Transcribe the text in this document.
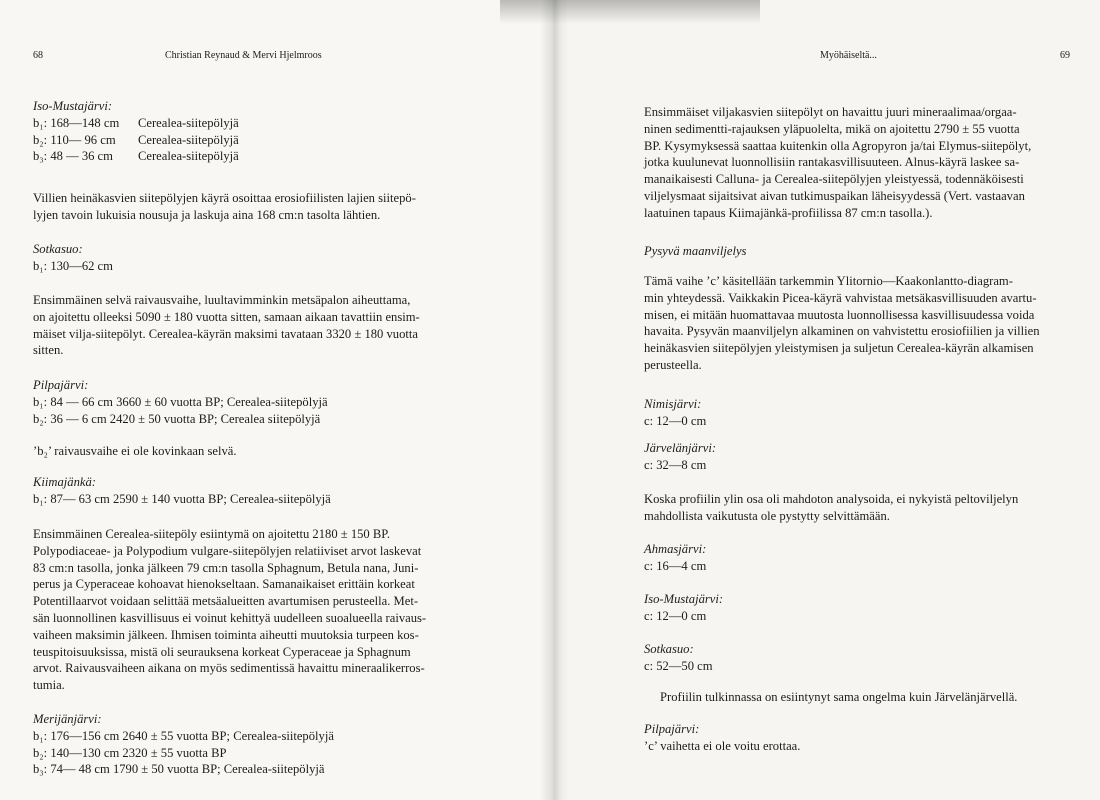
68	Christian Reynaud & Mervi Hjelmroos

Iso-Mustajärvi:

b₁: 168—148 cm	Cerealea-siitepölyjä
b₂: 110— 96 cm	Cerealea-siitepölyjä
b₃: 48 — 36 cm	Cerealea-siitepölyjä

Villien heinäkasvien siitepölyjen käyrä osoittaa erosiofiilisten lajien siitepö-

lyjen tavoin lukuisia nousuja ja laskuja aina 168 cm:n tasolta lähtien.

Sotkasuo:

b₁: 130—62 cm

Ensimmäinen selvä raivausvaihe, luultavimminkin metsäpalon aiheuttama,

on ajoitettu olleeksi 5090 ± 180 vuotta sitten, samaan aikaan tavattiin ensim-

mäiset vilja-siitepölyt. Cerealea-käyrän maksimi tavataan 3320 ± 180 vuotta

sitten.

Pilpajärvi:

b₁: 84 — 66 cm 3660 ± 60 vuotta BP; Cerealea-siitepölyjä

b₂: 36 — 6 cm 2420 ± 50 vuotta BP; Cerealea siitepölyjä

’b₂’ raivausvaihe ei ole kovinkaan selvä.

Kiimajänkä:

b₁: 87— 63 cm 2590 ± 140 vuotta BP; Cerealea-siitepölyjä

Ensimmäinen Cerealea-siitepöly esiintymä on ajoitettu 2180 ± 150 BP.

Polypodiaceae- ja Polypodium vulgare-siitepölyjen relatiiviset arvot laskevat

83 cm:n tasolla, jonka jälkeen 79 cm:n tasolla Sphagnum, Betula nana, Juni-

perus ja Cyperaceae kohoavat hienokseltaan. Samanaikaiset erittäin korkeat

Potentillaarvot voidaan selittää metsäalueitten avartumisen perusteella. Met-

sän luonnollinen kasvillisuus ei voinut kehittyä uudelleen suoalueella raivaus-

vaiheen maksimin jälkeen. Ihmisen toiminta aiheutti muutoksia turpeen kos-

teuspitoisuuksissa, mistä oli seurauksena korkeat Cyperaceae ja Sphagnum

arvot. Raivausvaiheen aikana on myös sedimentissä havaittu mineraalikerros-

tumia.

Merijänjärvi:

b₁: 176—156 cm 2640 ± 55 vuotta BP; Cerealea-siitepölyjä

b₂: 140—130 cm 2320 ± 55 vuotta BP

b₃: 74— 48 cm 1790 ± 50 vuotta BP; Cerealea-siitepölyjä

Myöhäiseltä...	69

Ensimmäiset viljakasvien siitepölyt on havaittu juuri mineraalimaa/orgaa-

ninen sedimentti-rajauksen yläpuolelta, mikä on ajoitettu 2790 ± 55 vuotta

BP. Kysymyksessä saattaa kuitenkin olla Agropyron ja/tai Elymus-siitepölyt,

jotka kuulunevat luonnollisiin rantakasvillisuuteen. Alnus-käyrä laskee sa-

manaikaisesti Calluna- ja Cerealea-siitepölyjen yleistyessä, todennäköisesti

viljelysmaat sijaitsivat aivan tutkimuspaikan läheisyydessä (Vert. vastaavan

laatuinen tapaus Kiimajänkä-profiilissa 87 cm:n tasolla.).

Pysyvä maanviljelys

Tämä vaihe ’c’ käsitellään tarkemmin Ylitornio—Kaakonlantto-diagram-

min yhteydessä. Vaikkakin Picea-käyrä vahvistaa metsäkasvillisuuden avartu-

misen, ei mitään huomattavaa muutosta luonnollisessa kasvillisuudessa voida

havaita. Pysyvän maanviljelyn alkaminen on vahvistettu erosiofiilien ja villien

heinäkasvien siitepölyjen yleistymisen ja suljetun Cerealea-käyrän alkamisen

perusteella.

Nimisjärvi:

c: 12—0 cm

Järvelänjärvi:

c: 32—8 cm

Koska profiilin ylin osa oli mahdoton analysoida, ei nykyistä peltoviljelyn

mahdollista vaikutusta ole pystytty selvittämään.

Ahmasjärvi:

c: 16—4 cm

Iso-Mustajärvi:

c: 12—0 cm

Sotkasuo:

c: 52—50 cm

Profiilin tulkinnassa on esiintynyt sama ongelma kuin Järvelänjärvellä.

Pilpajärvi:

’c’ vaihetta ei ole voitu erottaa.
